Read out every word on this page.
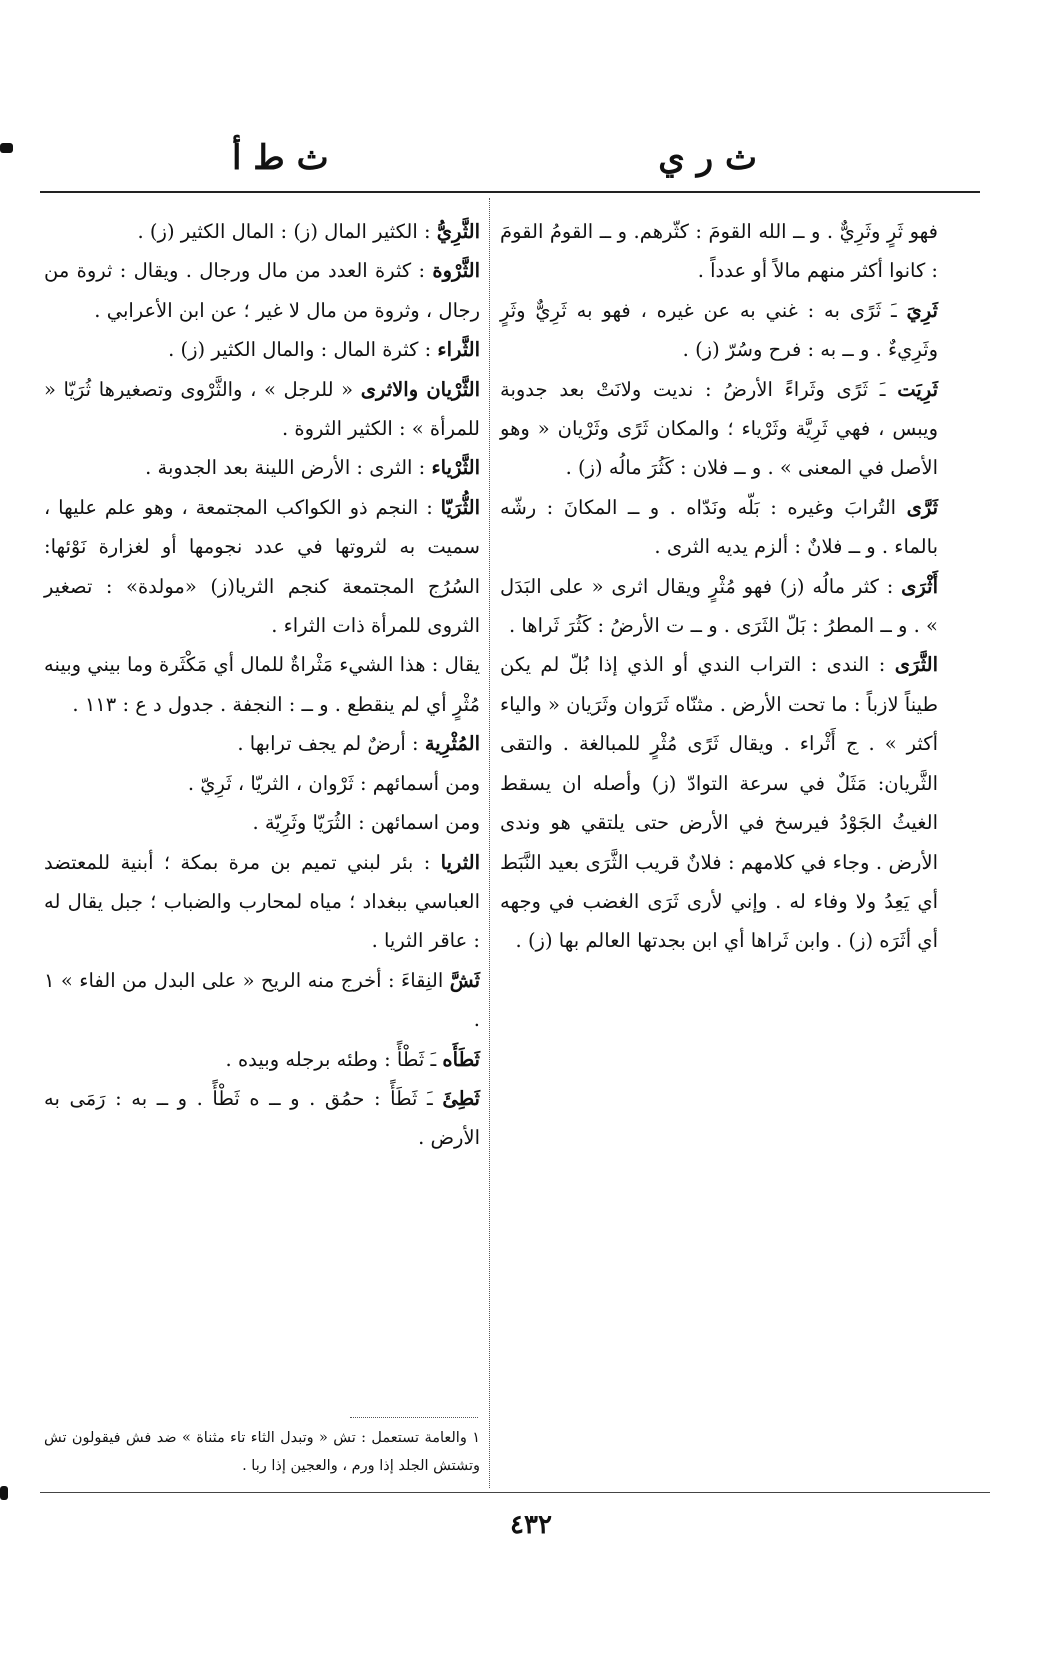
ث ر ي
ث ط أ

فهو ثَرٍ وثَرِيٌّ . و ــ الله القومَ : كثّرهم. و ــ القومُ القومَ : كانوا أكثر منهم مالاً أو عدداً .

ثَرِيَ ـَ ثَرًى به : غني به عن غيره ، فهو به ثَرِيٌّ وثَرٍ وثَرِيءٌ . و ــ به : فرح وسُرّ (ز) .

ثَرِيَت ـَ ثَرًى وثَراءً الأرضُ : نديت ولانَتْ بعد جدوبة ويبس ، فهي ثَرِيَّة وثَرْياء ؛ والمكان ثَرًى وثَرْيان « وهو الأصل في المعنى » . و ــ فلان : كَثُرَ مالُه (ز) .

ثَرَّى التُرابَ وغيره : بَلّه ونَدّاه . و ــ المكانَ : رشّه بالماء . و ــ فلانٌ : ألزم يديه الثرى .

أَثْرَى : كثر مالُه (ز) فهو مُثْرٍ ويقال اثرى « على البَدَل » . و ــ المطرُ : بَلّ الثَرَى . و ــ ت الأرضُ : كَثُرَ ثَراها .

الثَّرَى : الندى : التراب الندي أو الذي إذا بُلّ لم يكن طيناً لازباً : ما تحت الأرض . مثنّاه ثَرَوان وثَرَيان « والياء أكثر » . ج أَثْراء . ويقال ثَرًى مُثْرٍ للمبالغة . والتقى الثَّريان: مَثَلٌ في سرعة التوادّ (ز) وأصله ان يسقط الغيثُ الجَوْدُ فيرسخ في الأرض حتى يلتقي هو وندى الأرض . وجاء في كلامهم : فلانٌ قريب الثَّرَى بعيد النَّبَط أي يَعِدُ ولا وفاء له . وإني لأرى ثَرَى الغضب في وجهه أي أثَرَه (ز) . وابن ثَراها أي ابن بجدتها العالم بها (ز) .

الثَّرِيُّ : الكثير المال (ز) : المال الكثير (ز) .

الثَّرْوة : كثرة العدد من مال ورجال . ويقال : ثروة من رجال ، وثروة من مال لا غير ؛ عن ابن الأعرابي .

الثَّراء : كثرة المال : والمال الكثير (ز) .

الثَّرْيان والاثرى « للرجل » ، والثَّرْوى وتصغيرها ثُرَيّا « للمرأة » : الكثير الثروة .

الثَّرْياء : الثرى : الأرض اللينة بعد الجدوبة .

الثُّرَيّا : النجم ذو الكواكب المجتمعة ، وهو علم عليها ، سميت به لثروتها في عدد نجومها أو لغزارة نَوْئها: السُرُج المجتمعة كنجم الثريا(ز) «مولدة» : تصغير الثروى للمرأة ذات الثراء .

يقال : هذا الشيء مَثْراةٌ للمال أي مَكْثَرة وما بيني وبينه مُثْرٍ أي لم ينقطع . و ــ : النجفة . جدول د ع : ١١٣ .

المُثْرِية : أرضٌ لم يجف ترابها .

ومن أسمائهم : ثَرْوان ، الثريّا ، ثَرِيّ .

ومن اسمائهن : الثُرَيّا وثَرِيّة .

الثريا : بئر لبني تميم بن مرة بمكة ؛ أبنية للمعتضد العباسي ببغداد ؛ مياه لمحارب والضباب ؛ جبل يقال له : عاقر الثريا .

ثَشَّ النِقاءَ : أخرج منه الريح « على البدل من الفاء » ١ .

ثَطَأَه ـَ ثَطْأً : وطئه برجله وبيده .

ثَطِئَ ـَ ثَطَأً : حمُق . و ــ ه ثَطْأً . و ــ به : رَمَى به الأرض .

١ والعامة تستعمل : تش « وتبدل الثاء تاء مثناة » ضد فش فيقولون تش وتشتش الجلد إذا ورم ، والعجين إذا ربا .
٤٣٢
